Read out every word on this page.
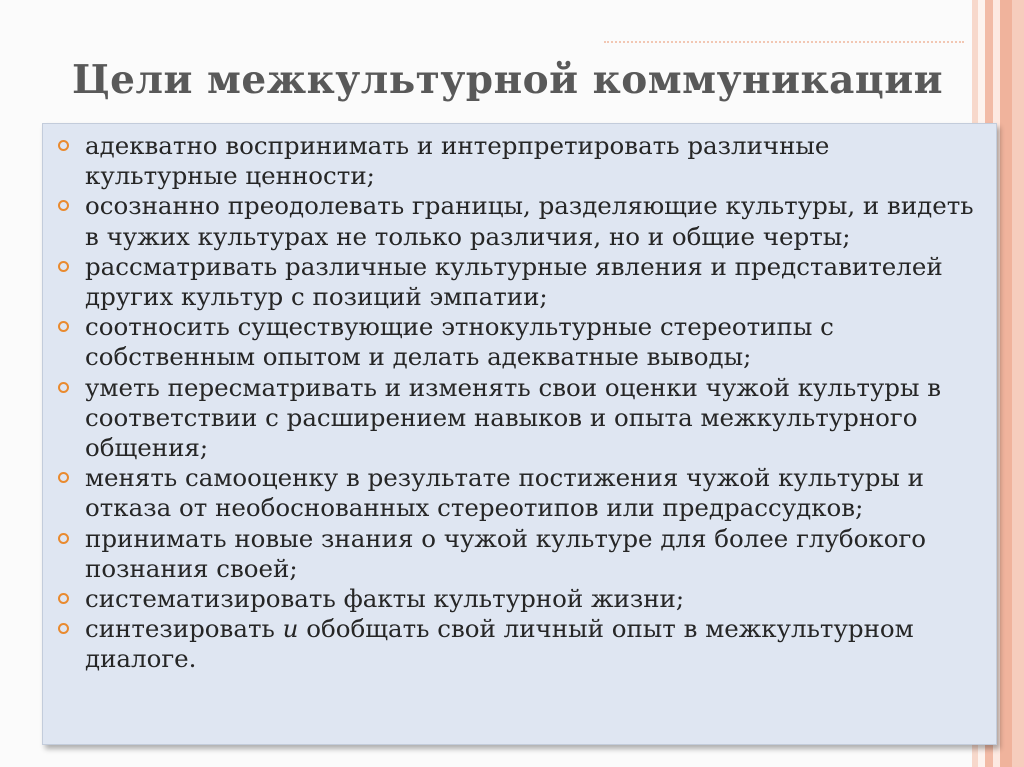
Цели межкультурной коммуникации
адекватно воспринимать и интерпретировать различные культурные ценности;
осознанно преодолевать границы, разделяющие культуры, и видеть в чужих культурах не только различия, но и общие черты;
рассматривать различные культурные явления и представителей других культур с позиций эмпатии;
соотносить существующие этнокультурные стереотипы с собственным опытом и делать адекватные выводы;
уметь пересматривать и изменять свои оценки чужой культуры в соответствии с расширением навыков и опыта межкультурного общения;
менять самооценку в результате постижения чужой культуры и отказа от необоснованных стереотипов или предрассудков;
принимать новые знания о чужой культуре для более глубокого познания своей;
систематизировать факты культурной жизни;
синтезировать и обобщать свой личный опыт в межкультурном диалоге.
